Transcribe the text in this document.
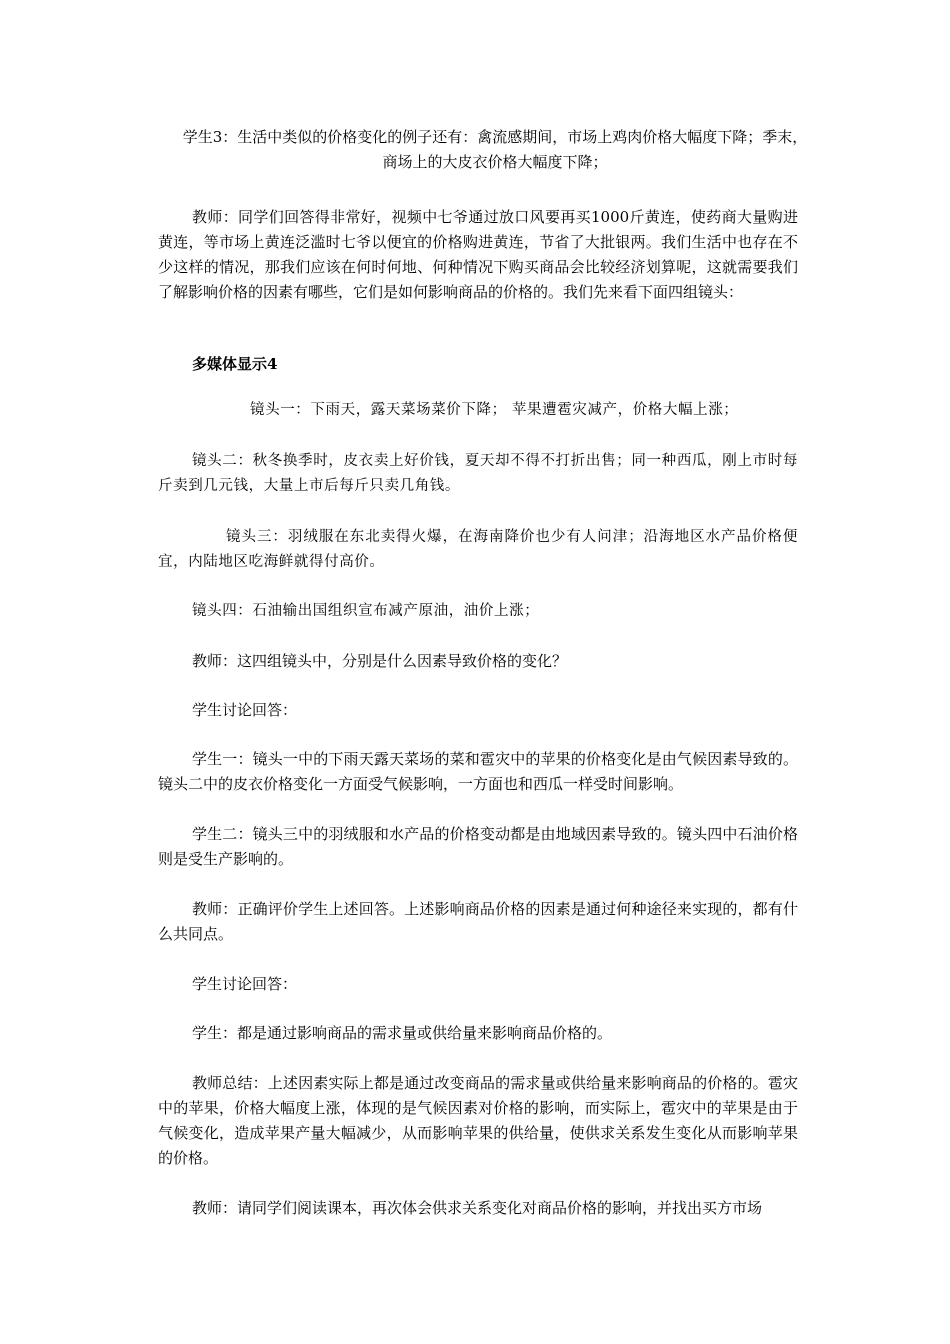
学生3：生活中类似的价格变化的例子还有：禽流感期间，市场上鸡肉价格大幅度下降；季末，商场上的大皮衣价格大幅度下降；
教师：同学们回答得非常好，视频中七爷通过放口风要再买1000斤黄连，使药商大量购进黄连，等市场上黄连泛滥时七爷以便宜的价格购进黄连，节省了大批银两。我们生活中也存在不少这样的情况，那我们应该在何时何地、何种情况下购买商品会比较经济划算呢，这就需要我们了解影响价格的因素有哪些，它们是如何影响商品的价格的。我们先来看下面四组镜头：
多媒体显示4
镜头一：下雨天，露天菜场菜价下降； 苹果遭雹灾减产，价格大幅上涨；
镜头二：秋冬换季时，皮衣卖上好价钱，夏天却不得不打折出售；同一种西瓜，刚上市时每斤卖到几元钱，大量上市后每斤只卖几角钱。
镜头三：羽绒服在东北卖得火爆，在海南降价也少有人问津；沿海地区水产品价格便宜，内陆地区吃海鲜就得付高价。
镜头四：石油输出国组织宣布减产原油，油价上涨；
教师：这四组镜头中，分别是什么因素导致价格的变化？
学生讨论回答：
学生一：镜头一中的下雨天露天菜场的菜和雹灾中的苹果的价格变化是由气候因素导致的。镜头二中的皮衣价格变化一方面受气候影响，一方面也和西瓜一样受时间影响。
学生二：镜头三中的羽绒服和水产品的价格变动都是由地域因素导致的。镜头四中石油价格则是受生产影响的。
教师：正确评价学生上述回答。上述影响商品价格的因素是通过何种途径来实现的，都有什么共同点。
学生讨论回答：
学生：都是通过影响商品的需求量或供给量来影响商品价格的。
教师总结：上述因素实际上都是通过改变商品的需求量或供给量来影响商品的价格的。雹灾中的苹果，价格大幅度上涨，体现的是气候因素对价格的影响，而实际上，雹灾中的苹果是由于气候变化，造成苹果产量大幅减少，从而影响苹果的供给量，使供求关系发生变化从而影响苹果的价格。
教师：请同学们阅读课本，再次体会供求关系变化对商品价格的影响，并找出买方市场
